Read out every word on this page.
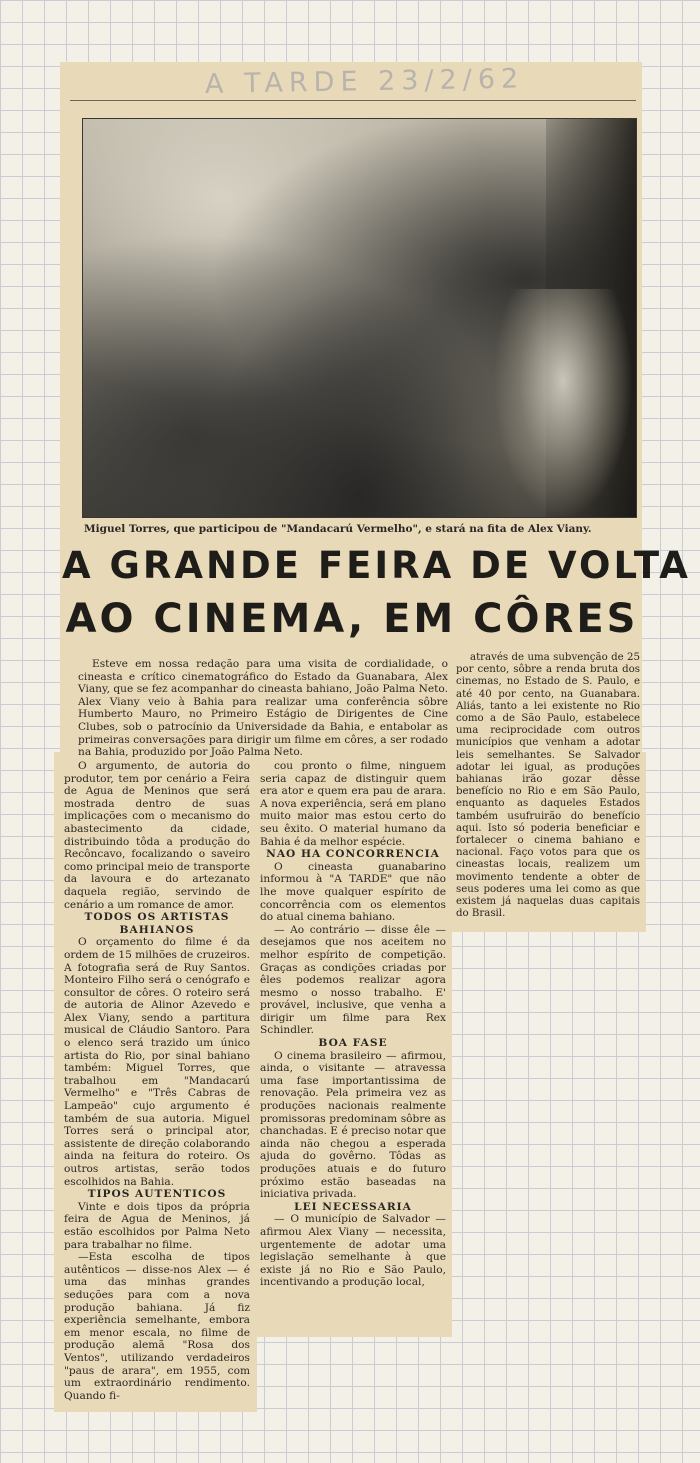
A TARDE 23/2/62
Miguel Torres, que participou de "Mandacarú Vermelho", e stará na fita de Alex Viany.
A GRANDE FEIRA DE VOLTA
AO CINEMA, EM CÔRES

Esteve em nossa redação para uma visita de cordialidade, o cineasta e crítico cinematográfico do Estado da Guanabara, Alex Viany, que se fez acompanhar do cineasta bahiano, João Palma Neto. Alex Viany veio à Bahia para realizar uma conferência sôbre Humberto Mauro, no Primeiro Estágio de Dirigentes de Cine Clubes, sob o patrocínio da Universidade da Bahia, e entabolar as primeiras conversações para dirigir um filme em côres, a ser rodado na Bahia, produzido por João Palma Neto.

O argumento, de autoria do produtor, tem por cenário a Feira de Agua de Meninos que será mostrada dentro de suas implicações com o mecanismo do abastecimento da cidade, distribuindo tôda a produção do Recôncavo, focalizando o saveiro como principal meio de transporte da lavoura e do artezanato daquela região, servindo de cenário a um romance de amor.

TODOS OS ARTISTAS BAHIANOS

O orçamento do filme é da ordem de 15 milhões de cruzeiros. A fotografia será de Ruy Santos. Monteiro Filho será o cenógrafo e consultor de côres. O roteiro será de autoria de Alinor Azevedo e Alex Viany, sendo a partitura musical de Cláudio Santoro. Para o elenco será trazido um único artista do Rio, por sinal bahiano também: Miguel Torres, que trabalhou em "Mandacarú Vermelho" e "Três Cabras de Lampeão" cujo argumento é também de sua autoria. Miguel Torres será o principal ator, assistente de direção colaborando ainda na feitura do roteiro. Os outros artistas, serão todos escolhidos na Bahia.

TIPOS AUTENTICOS

Vinte e dois tipos da própria feira de Agua de Meninos, já estão escolhidos por Palma Neto para trabalhar no filme.

—Esta escolha de tipos autênticos — disse-nos Alex — é uma das minhas grandes seduções para com a nova produção bahiana. Já fiz experiência semelhante, embora em menor escala, no filme de produção alemã "Rosa dos Ventos", utilizando verdadeiros "paus de arara", em 1955, com um extraordinário rendimento. Quando fi-

cou pronto o filme, ninguem seria capaz de distinguir quem era ator e quem era pau de arara. A nova experiência, será em plano muito maior mas estou certo do seu êxito. O material humano da Bahia é da melhor espécie.

NAO HA CONCORRENCIA

O cineasta guanabarino informou à "A TARDE" que não lhe move qualquer espírito de concorrência com os elementos do atual cinema bahiano.

— Ao contrário — disse êle — desejamos que nos aceitem no melhor espírito de competição. Graças as condições criadas por êles podemos realizar agora mesmo o nosso trabalho. E' provável, inclusive, que venha a dirigir um filme para Rex Schindler.

BOA FASE

O cinema brasileiro — afirmou, ainda, o visitante — atravessa uma fase importantissima de renovação. Pela primeira vez as produções nacionais realmente promissoras predominam sôbre as chanchadas. E é preciso notar que ainda não chegou a esperada ajuda do govêrno. Tôdas as produções atuais e do futuro próximo estão baseadas na iniciativa privada.

LEI NECESSARIA

— O município de Salvador — afirmou Alex Viany — necessita, urgentemente de adotar uma legislação semelhante à que existe já no Rio e São Paulo, incentivando a produção local,

através de uma subvenção de 25 por cento, sôbre a renda bruta dos cinemas, no Estado de S. Paulo, e até 40 por cento, na Guanabara. Aliás, tanto a lei existente no Rio como a de São Paulo, estabelece uma reciprocidade com outros municípios que venham a adotar leis semelhantes. Se Salvador adotar lei igual, as produções bahianas irão gozar dêsse benefício no Rio e em São Paulo, enquanto as daqueles Estados também usufruirão do benefício aqui. Isto só poderia beneficiar e fortalecer o cinema bahiano e nacional. Faço votos para que os cineastas locais, realizem um movimento tendente a obter de seus poderes uma lei como as que existem já naquelas duas capitais do Brasil.
